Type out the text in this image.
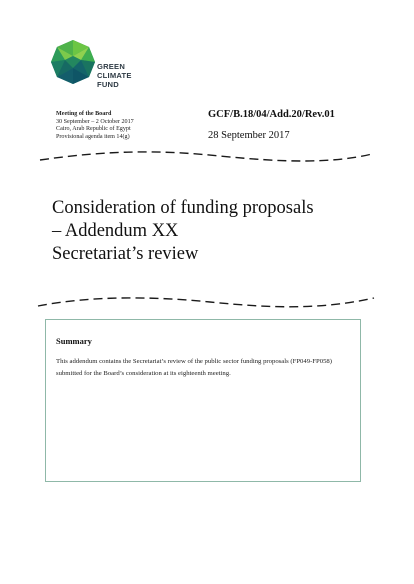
GREEN
CLIMATE
FUND
Meeting of the Board
30 September – 2 October 2017
Cairo, Arab Republic of Egypt
Provisional agenda item 14(g)
GCF/B.18/04/Add.20/Rev.01
28 September 2017
Consideration of funding proposals
– Addendum XX
Secretariat’s review
Summary
This addendum contains the Secretariat’s review of the public sector funding proposals (FP049-FP058) submitted for the Board’s consideration at its eighteenth meeting.
